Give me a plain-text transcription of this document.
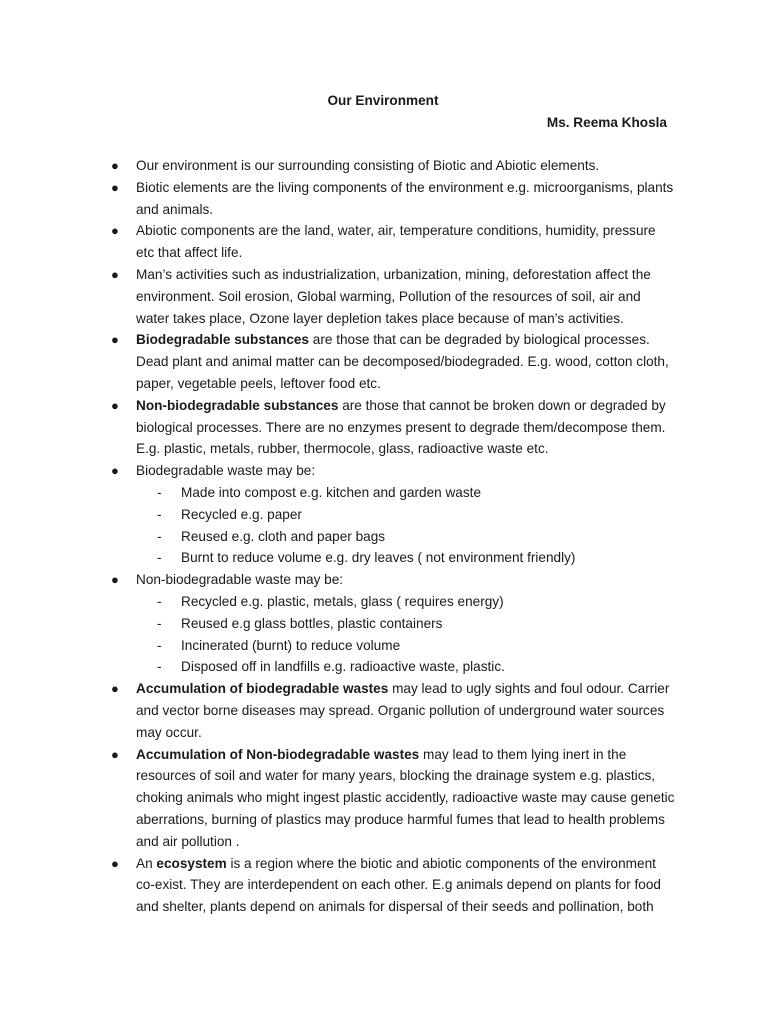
Our Environment
Ms. Reema Khosla
● Our environment is our surrounding consisting of Biotic and Abiotic elements.
● Biotic elements are the living components of the environment e.g. microorganisms, plants and animals.
● Abiotic components are the land, water, air, temperature conditions, humidity, pressure etc that affect life.
● Man’s activities such as industrialization, urbanization, mining, deforestation affect the environment. Soil erosion, Global warming, Pollution of the resources of soil, air and water takes place, Ozone layer depletion takes place because of man’s activities.
● Biodegradable substances are those that can be degraded by biological processes. Dead plant and animal matter can be decomposed/biodegraded. E.g. wood, cotton cloth, paper, vegetable peels, leftover food etc.
● Non-biodegradable substances are those that cannot be broken down or degraded by biological processes. There are no enzymes present to degrade them/decompose them. E.g. plastic, metals, rubber, thermocole, glass, radioactive waste etc.
● Biodegradable waste may be:
- Made into compost e.g. kitchen and garden waste
- Recycled e.g. paper
- Reused e.g. cloth and paper bags
- Burnt to reduce volume e.g. dry leaves ( not environment friendly)
● Non-biodegradable waste may be:
- Recycled e.g. plastic, metals, glass ( requires energy)
- Reused e.g glass bottles, plastic containers
- Incinerated (burnt) to reduce volume
- Disposed off in landfills e.g. radioactive waste, plastic.
● Accumulation of biodegradable wastes may lead to ugly sights and foul odour. Carrier and vector borne diseases may spread. Organic pollution of underground water sources may occur.
● Accumulation of Non-biodegradable wastes may lead to them lying inert in the resources of soil and water for many years, blocking the drainage system e.g. plastics, choking animals who might ingest plastic accidently, radioactive waste may cause genetic aberrations, burning of plastics may produce harmful fumes that lead to health problems and air pollution .
● An ecosystem is a region where the biotic and abiotic components of the environment co-exist. They are interdependent on each other. E.g animals depend on plants for food and shelter, plants depend on animals for dispersal of their seeds and pollination, both
